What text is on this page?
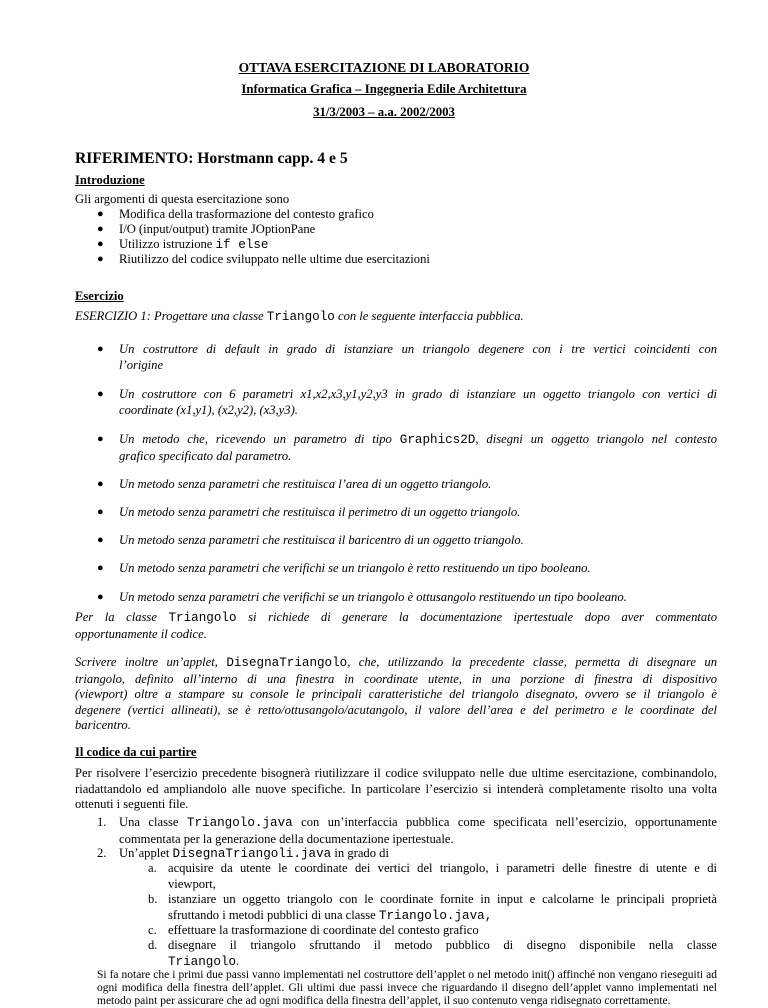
OTTAVA ESERCITAZIONE DI LABORATORIO
Informatica Grafica – Ingegneria Edile Architettura
31/3/2003 – a.a. 2002/2003
RIFERIMENTO: Horstmann capp. 4 e 5
Introduzione
Gli argomenti di questa esercitazione sono
● Modifica della trasformazione del contesto grafico
● I/O (input/output) tramite JOptionPane
● Utilizzo istruzione if else
● Riutilizzo del codice sviluppato nelle ultime due esercitazioni
Esercizio
ESERCIZIO 1: Progettare una classe Triangolo con le seguente interfaccia pubblica.
● Un costruttore di default in grado di istanziare un triangolo degenere con i tre vertici coincidenti con
l’origine
● Un costruttore con 6 parametri x1,x2,x3,y1,y2,y3 in grado di istanziare un oggetto triangolo con vertici di
coordinate (x1,y1), (x2,y2), (x3,y3).
● Un metodo che, ricevendo un parametro di tipo Graphics2D, disegni un oggetto triangolo nel contesto
grafico specificato dal parametro.
● Un metodo senza parametri che restituisca l’area di un oggetto triangolo.
● Un metodo senza parametri che restituisca il perimetro di un oggetto triangolo.
● Un metodo senza parametri che restituisca il baricentro di un oggetto triangolo.
● Un metodo senza parametri che verifichi se un triangolo è retto restituendo un tipo booleano.
● Un metodo senza parametri che verifichi se un triangolo è ottusangolo restituendo un tipo booleano.
Per la classe Triangolo si richiede di generare la documentazione ipertestuale dopo aver commentato
opportunamente il codice.
Scrivere inoltre un’applet, DisegnaTriangolo, che, utilizzando la precedente classe, permetta di disegnare un
triangolo, definito all’interno di una finestra in coordinate utente, in una porzione di finestra di dispositivo
(viewport) oltre a stampare su console le principali caratteristiche del triangolo disegnato, ovvero se il triangolo è
degenere (vertici allineati), se è retto/ottusangolo/acutangolo, il valore dell’area e del perimetro e le coordinate del
baricentro.
Il codice da cui partire
Per risolvere l’esercizio precedente bisognerà riutilizzare il codice sviluppato nelle due ultime esercitazione, combinandolo, riadattandolo ed ampliandolo alle nuove specifiche. In particolare l’esercizio si intenderà completamente risolto una volta ottenuti i seguenti file.
1. Una classe Triangolo.java con un’interfaccia pubblica come specificata nell’esercizio, opportunamente
commentata per la generazione della documentazione ipertestuale.
2. Un’applet DisegnaTriangoli.java in grado di
a. acquisire da utente le coordinate dei vertici del triangolo, i parametri delle finestre di utente e di
viewport,
b. istanziare un oggetto triangolo con le coordinate fornite in input e calcolarne le principali proprietà
sfruttando i metodi pubblici di una classe Triangolo.java,
c. effettuare la trasformazione di coordinate del contesto grafico
d. disegnare il triangolo sfruttando il metodo pubblico di disegno disponibile nella classe
Triangolo.
Si fa notare che i primi due passi vanno implementati nel costruttore dell’applet o nel metodo init() affinché non vengano rieseguiti ad ogni modifica della finestra dell’applet. Gli ultimi due passi invece che riguardando il disegno dell’applet vanno implementati nel metodo paint per assicurare che ad ogni modifica della finestra dell’applet, il suo contenuto venga ridisegnato correttamente.
